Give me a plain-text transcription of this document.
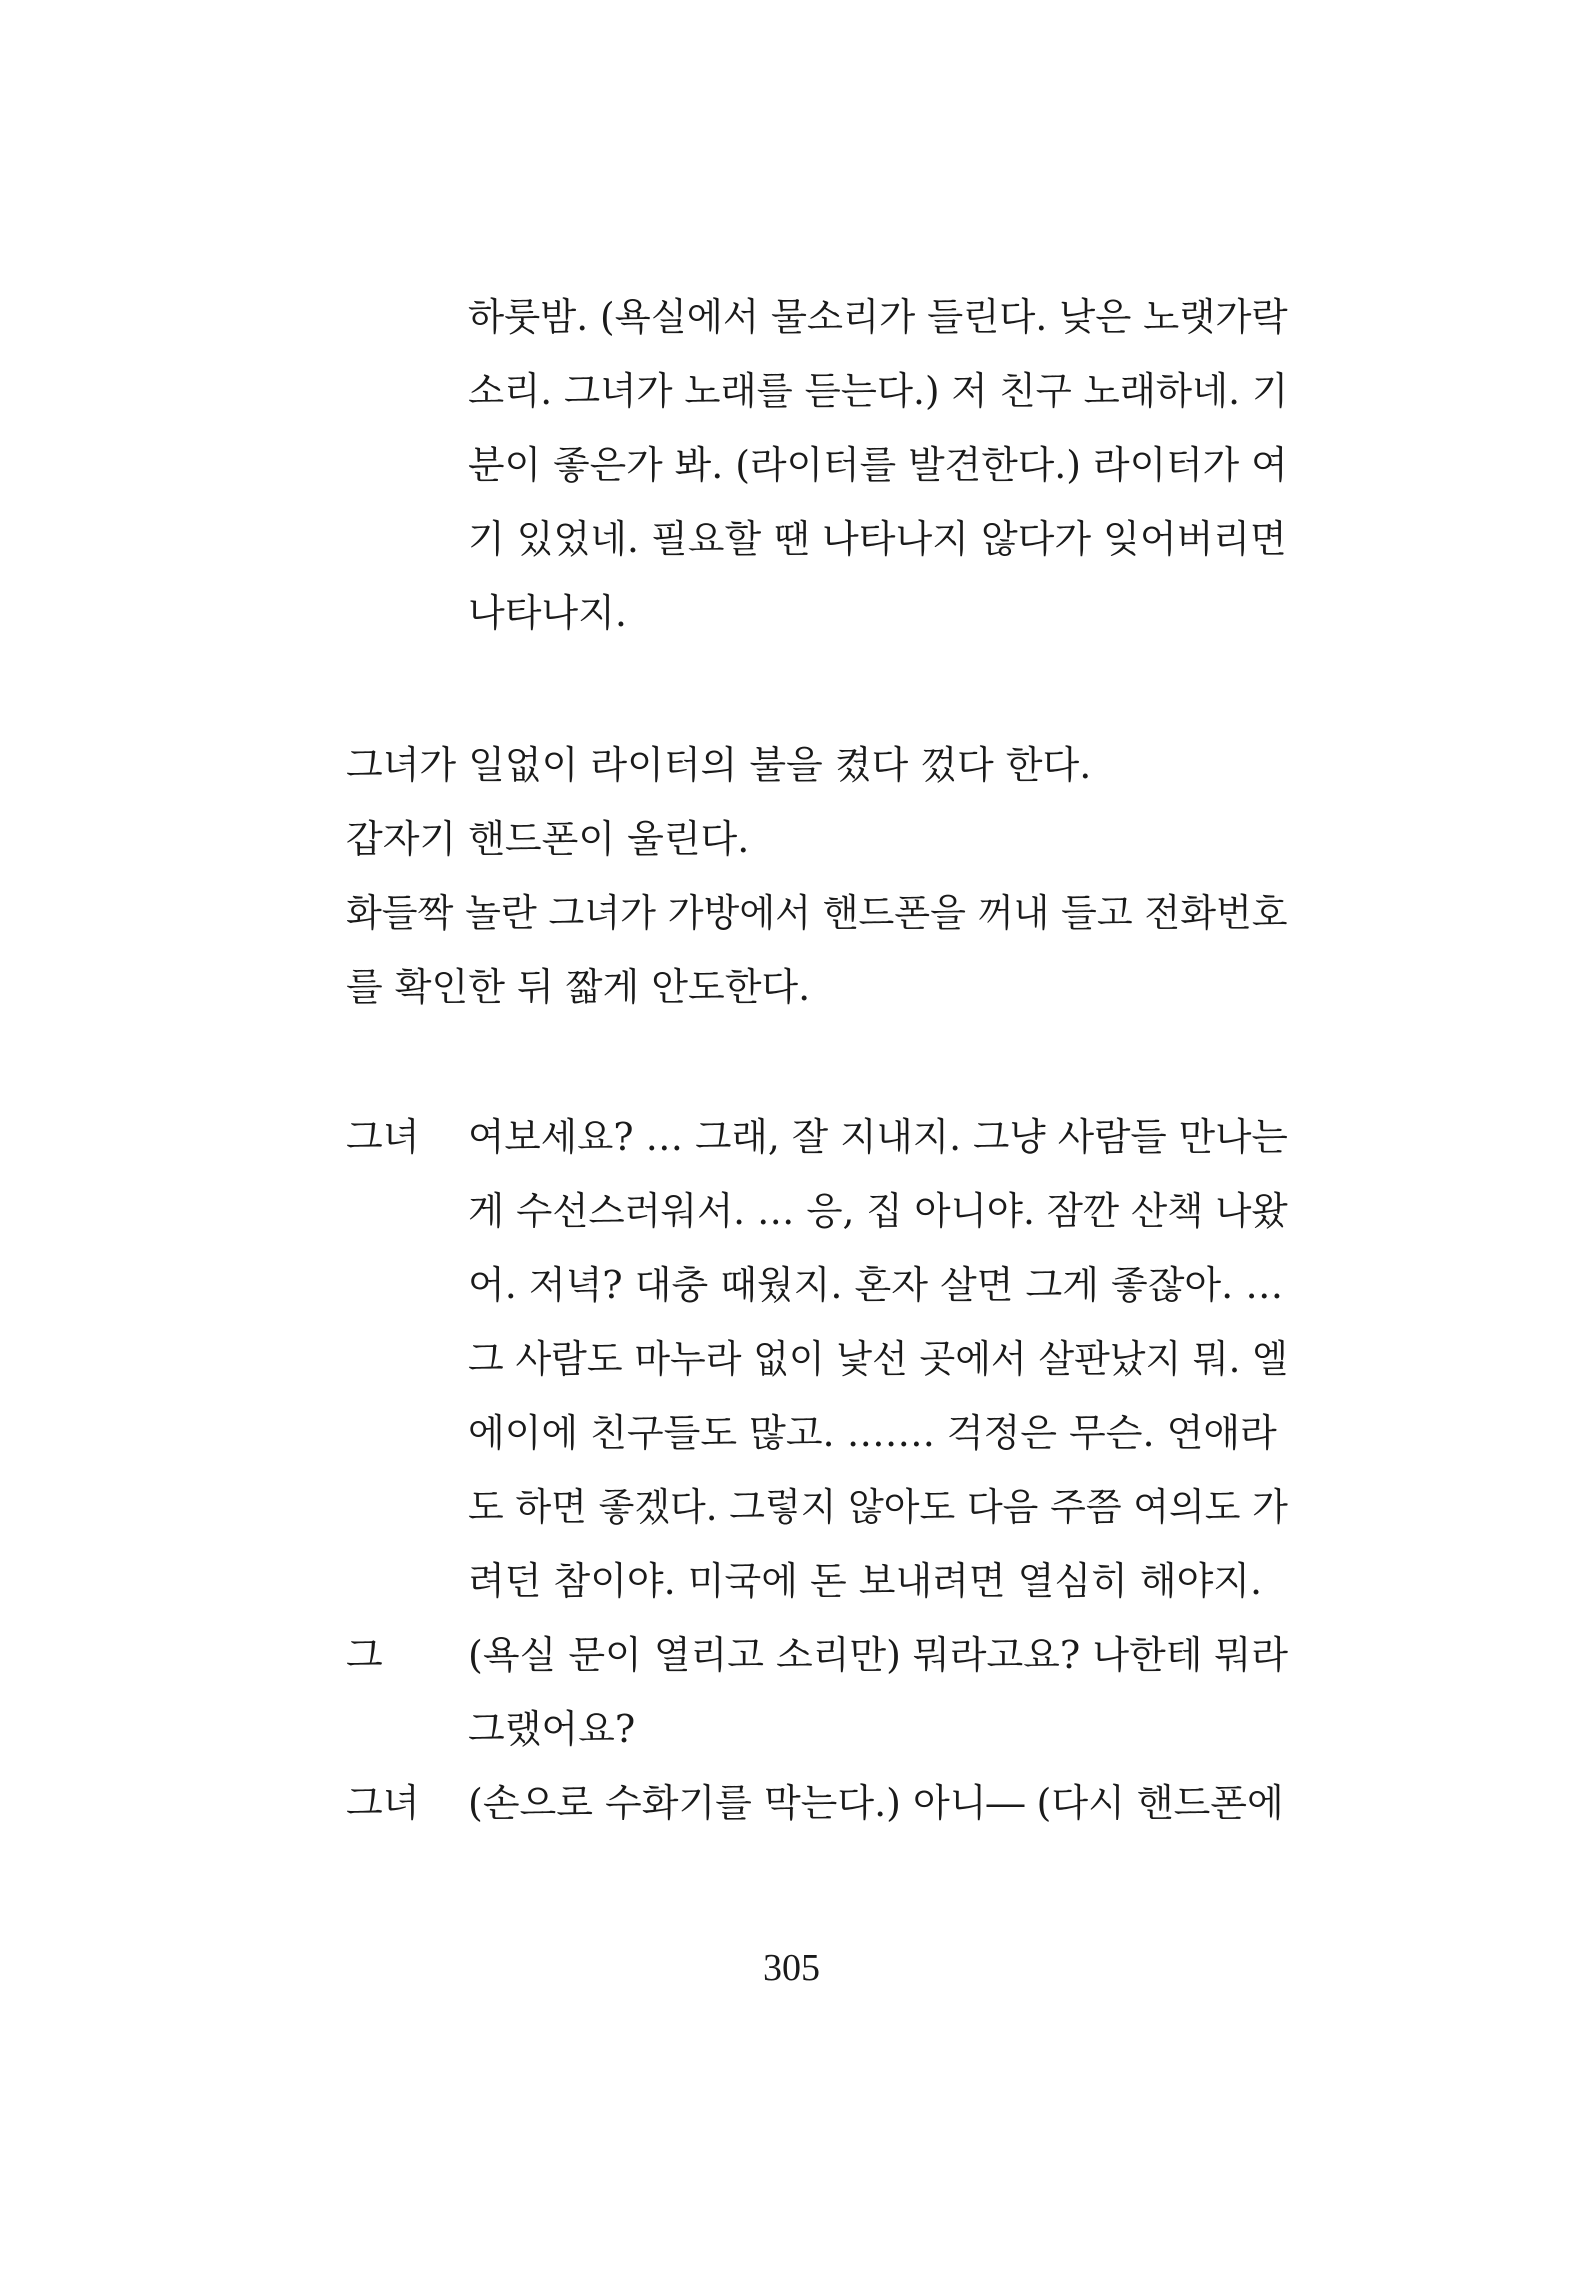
하룻밤. (욕실에서 물소리가 들린다. 낮은 노랫가락
소리. 그녀가 노래를 듣는다.) 저 친구 노래하네. 기
분이 좋은가 봐. (라이터를 발견한다.) 라이터가 여
기 있었네. 필요할 땐 나타나지 않다가 잊어버리면
나타나지.
그녀가 일없이 라이터의 불을 켰다 껐다 한다.
갑자기 핸드폰이 울린다.
화들짝 놀란 그녀가 가방에서 핸드폰을 꺼내 들고 전화번호
를 확인한 뒤 짧게 안도한다.
그녀 여보세요? … 그래, 잘 지내지. 그냥 사람들 만나는
게 수선스러워서. … 응, 집 아니야. 잠깐 산책 나왔
어. 저녁? 대충 때웠지. 혼자 살면 그게 좋잖아. …
그 사람도 마누라 없이 낯선 곳에서 살판났지 뭐. 엘
에이에 친구들도 많고. ……. 걱정은 무슨. 연애라
도 하면 좋겠다. 그렇지 않아도 다음 주쯤 여의도 가
려던 참이야. 미국에 돈 보내려면 열심히 해야지.
그 (욕실 문이 열리고 소리만) 뭐라고요? 나한테 뭐라
그랬어요?
그녀 (손으로 수화기를 막는다.) 아니― (다시 핸드폰에
305
